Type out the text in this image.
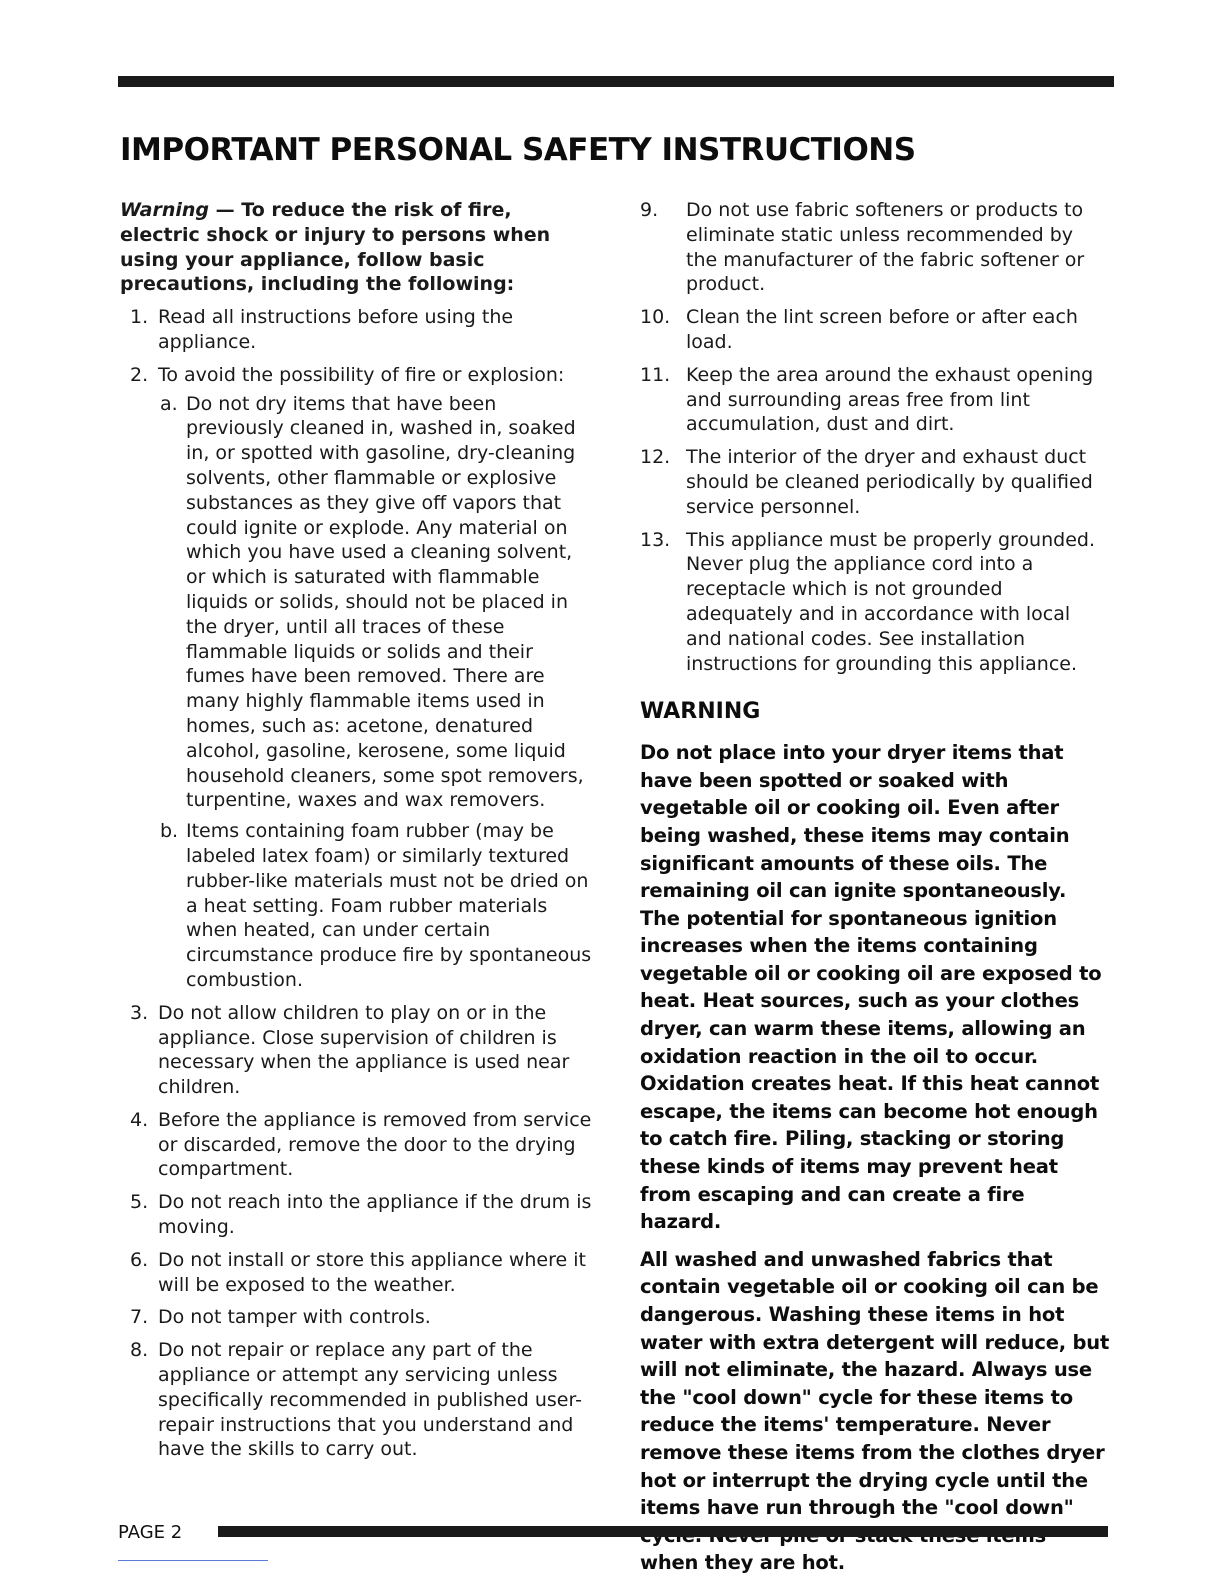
IMPORTANT PERSONAL SAFETY INSTRUCTIONS

Warning — To reduce the risk of fire, electric shock or injury to persons when using your appliance, follow basic precautions, including the following:

1. Read all instructions before using the appliance.
2. To avoid the possibility of fire or explosion:
a. Do not dry items that have been previously cleaned in, washed in, soaked in, or spotted with gasoline, dry-cleaning solvents, other flammable or explosive substances as they give off vapors that could ignite or explode. Any material on which you have used a cleaning solvent, or which is saturated with flammable liquids or solids, should not be placed in the dryer, until all traces of these flammable liquids or solids and their fumes have been removed. There are many highly flammable items used in homes, such as: acetone, denatured alcohol, gasoline, kerosene, some liquid household cleaners, some spot removers, turpentine, waxes and wax removers.
b. Items containing foam rubber (may be labeled latex foam) or similarly textured rubber-like materials must not be dried on a heat setting. Foam rubber materials when heated, can under certain circumstance produce fire by spontaneous combustion.
3. Do not allow children to play on or in the appliance. Close supervision of children is necessary when the appliance is used near children.
4. Before the appliance is removed from service or discarded, remove the door to the drying compartment.
5. Do not reach into the appliance if the drum is moving.
6. Do not install or store this appliance where it will be exposed to the weather.
7. Do not tamper with controls.
8. Do not repair or replace any part of the appliance or attempt any servicing unless specifically recommended in published user-repair instructions that you understand and have the skills to carry out.
9. Do not use fabric softeners or products to eliminate static unless recommended by the manufacturer of the fabric softener or product.
10. Clean the lint screen before or after each load.
11. Keep the area around the exhaust opening and surrounding areas free from lint accumulation, dust and dirt.
12. The interior of the dryer and exhaust duct should be cleaned periodically by qualified service personnel.
13. This appliance must be properly grounded. Never plug the appliance cord into a receptacle which is not grounded adequately and in accordance with local and national codes. See installation instructions for grounding this appliance.
WARNING

Do not place into your dryer items that have been spotted or soaked with vegetable oil or cooking oil. Even after being washed, these items may contain significant amounts of these oils. The remaining oil can ignite spontaneously. The potential for spontaneous ignition increases when the items containing vegetable oil or cooking oil are exposed to heat. Heat sources, such as your clothes dryer, can warm these items, allowing an oxidation reaction in the oil to occur. Oxidation creates heat. If this heat cannot escape, the items can become hot enough to catch fire. Piling, stacking or storing these kinds of items may prevent heat from escaping and can create a fire hazard.

All washed and unwashed fabrics that contain vegetable oil or cooking oil can be dangerous. Washing these items in hot water with extra detergent will reduce, but will not eliminate, the hazard. Always use the "cool down" cycle for these items to reduce the items' temperature. Never remove these items from the clothes dryer hot or interrupt the drying cycle until the items have run through the "cool down" when they are hot.

PAGE 2
